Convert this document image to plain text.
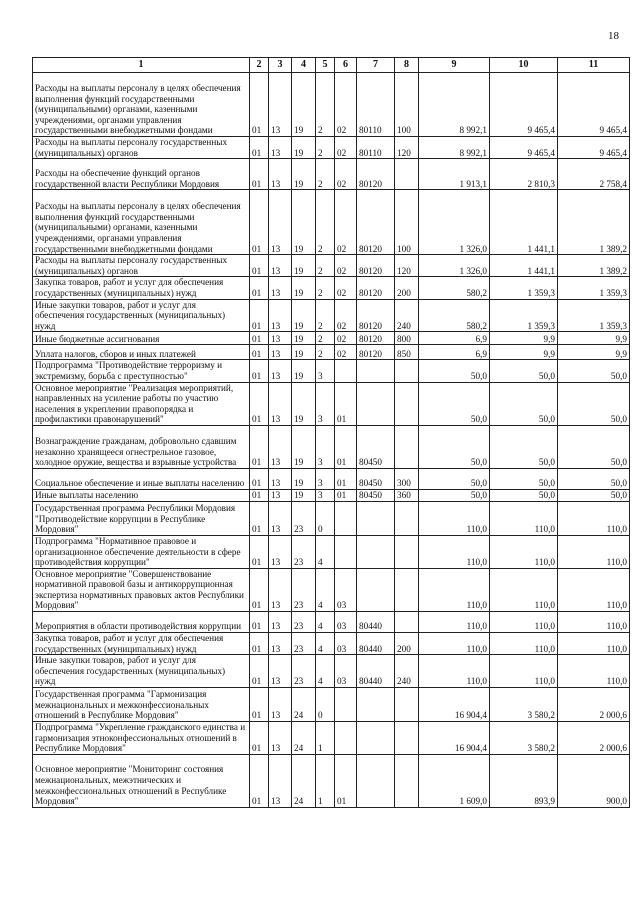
18
1	2	3	4	5	6	7	8	9	10	11
Расходы на выплаты персоналу в целях обеспечения выполнения функций государственными (муниципальными) органами, казенными учреждениями, органами управления государственными внебюджетными фондами	01	13	19	2	02	80110	100	8 992,1	9 465,4	9 465,4
Расходы на выплаты персоналу государственных (муниципальных) органов	01	13	19	2	02	80110	120	8 992,1	9 465,4	9 465,4
Расходы на обеспечение функций органов государственной власти Республики Мордовия	01	13	19	2	02	80120		1 913,1	2 810,3	2 758,4
Расходы на выплаты персоналу в целях обеспечения выполнения функций государственными (муниципальными) органами, казенными учреждениями, органами управления государственными внебюджетными фондами	01	13	19	2	02	80120	100	1 326,0	1 441,1	1 389,2
Расходы на выплаты персоналу государственных (муниципальных) органов	01	13	19	2	02	80120	120	1 326,0	1 441,1	1 389,2
Закупка товаров, работ и услуг для обеспечения государственных (муниципальных) нужд	01	13	19	2	02	80120	200	580,2	1 359,3	1 359,3
Иные закупки товаров, работ и услуг для обеспечения государственных (муниципальных) нужд	01	13	19	2	02	80120	240	580,2	1 359,3	1 359,3
Иные бюджетные ассигнования	01	13	19	2	02	80120	800	6,9	9,9	9,9
Уплата налогов, сборов и иных платежей	01	13	19	2	02	80120	850	6,9	9,9	9,9
Подпрограмма "Противодействие терроризму и экстремизму, борьба с преступностью"	01	13	19	3				50,0	50,0	50,0
Основное мероприятие "Реализация мероприятий, направленных на усиление работы по участию населения в укреплении правопорядка и профилактики правонарушений"	01	13	19	3	01			50,0	50,0	50,0
Вознаграждение гражданам, добровольно сдавшим незаконно хранящееся огнестрельное газовое, холодное оружие, вещества и взрывные устройства	01	13	19	3	01	80450		50,0	50,0	50,0
Социальное обеспечение и иные выплаты населению	01	13	19	3	01	80450	300	50,0	50,0	50,0
Иные выплаты населению	01	13	19	3	01	80450	360	50,0	50,0	50,0
Государственная программа Республики Мордовия "Противодействие коррупции в Республике Мордовия"	01	13	23	0				110,0	110,0	110,0
Подпрограмма "Нормативное правовое и организационное обеспечение деятельности в сфере противодействия коррупции"	01	13	23	4				110,0	110,0	110,0
Основное мероприятие "Совершенствование нормативной правовой базы и антикоррупционная экспертиза нормативных правовых актов Республики Мордовия"	01	13	23	4	03			110,0	110,0	110,0
Мероприятия в области противодействия коррупции	01	13	23	4	03	80440		110,0	110,0	110,0
Закупка товаров, работ и услуг для обеспечения государственных (муниципальных) нужд	01	13	23	4	03	80440	200	110,0	110,0	110,0
Иные закупки товаров, работ и услуг для обеспечения государственных (муниципальных) нужд	01	13	23	4	03	80440	240	110,0	110,0	110,0
Государственная программа "Гармонизация межнациональных и межконфессиональных отношений в Республике Мордовия"	01	13	24	0				16 904,4	3 580,2	2 000,6
Подпрограмма "Укрепление гражданского единства и гармонизация этноконфессиональных отношений в Республике Мордовия"	01	13	24	1				16 904,4	3 580,2	2 000,6
Основное мероприятие "Мониторинг состояния межнациональных, межэтнических и межконфессиональных отношений в Республике Мордовия"	01	13	24	1	01			1 609,0	893,9	900,0
